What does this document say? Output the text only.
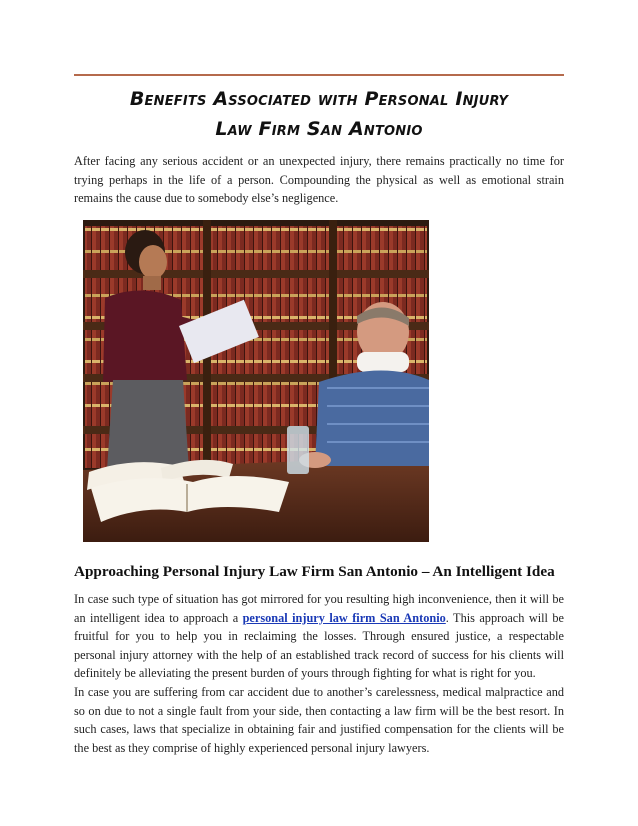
Benefits Associated with Personal Injury
Law Firm San Antonio

After facing any serious accident or an unexpected injury, there remains practically no time for trying perhaps in the life of a person. Compounding the physical as well as emotional strain remains the cause due to somebody else’s negligence.

Approaching Personal Injury Law Firm San Antonio – An Intelligent Idea

In case such type of situation has got mirrored for you resulting high inconvenience, then it will be an intelligent idea to approach a personal injury law firm San Antonio. This approach will be fruitful for you to help you in reclaiming the losses. Through ensured justice, a respectable personal injury attorney with the help of an established track record of success for his clients will definitely be alleviating the present burden of yours through fighting for what is right for you.

In case you are suffering from car accident due to another’s carelessness, medical malpractice and so on due to not a single fault from your side, then contacting a law firm will be the best resort. In such cases, laws that specialize in obtaining fair and justified compensation for the clients will be the best as they comprise of highly experienced personal injury lawyers.
